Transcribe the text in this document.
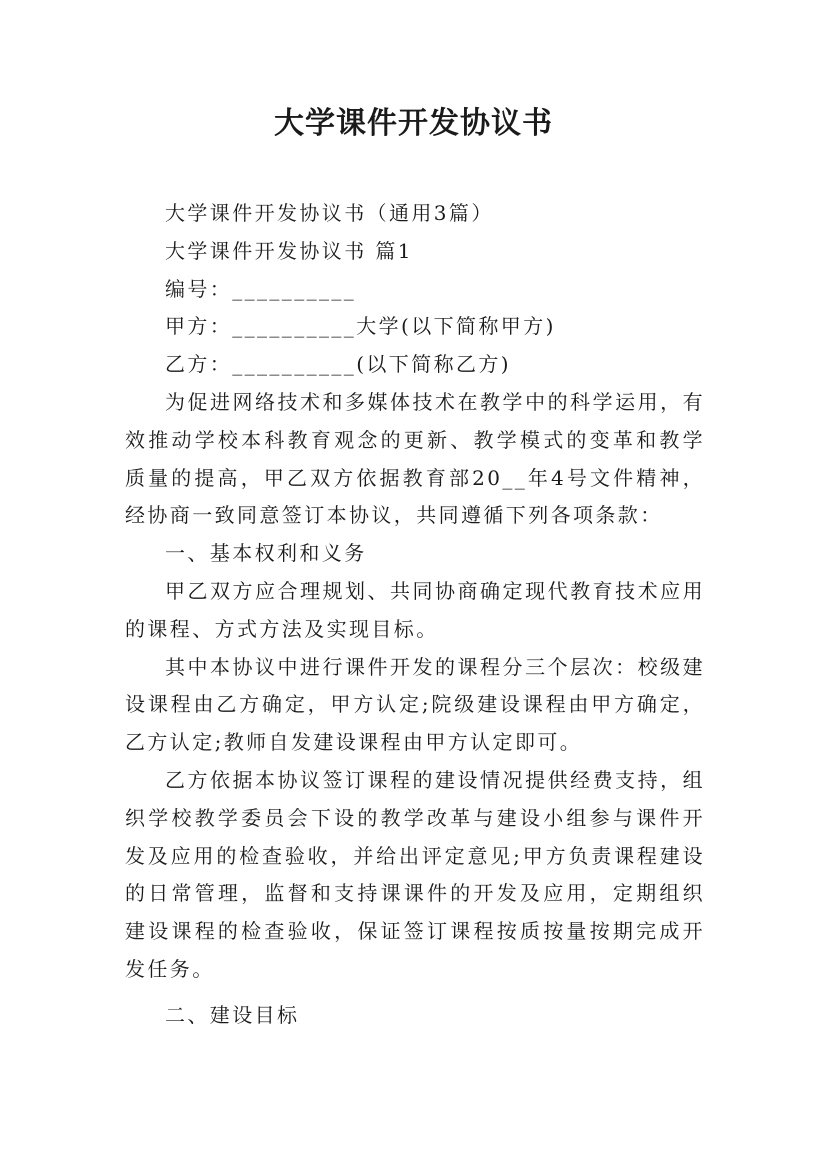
大学课件开发协议书

大学课件开发协议书（通用3篇）

大学课件开发协议书 篇1

编号：__________

甲方：__________大学(以下简称甲方)

乙方：__________(以下简称乙方)

为促进网络技术和多媒体技术在教学中的科学运用，有效推动学校本科教育观念的更新、教学模式的变革和教学质量的提高，甲乙双方依据教育部20__年4号文件精神，经协商一致同意签订本协议，共同遵循下列各项条款：

一、基本权利和义务

甲乙双方应合理规划、共同协商确定现代教育技术应用的课程、方式方法及实现目标。

其中本协议中进行课件开发的课程分三个层次：校级建设课程由乙方确定，甲方认定;院级建设课程由甲方确定，乙方认定;教师自发建设课程由甲方认定即可。

乙方依据本协议签订课程的建设情况提供经费支持，组织学校教学委员会下设的教学改革与建设小组参与课件开发及应用的检查验收，并给出评定意见;甲方负责课程建设的日常管理，监督和支持课课件的开发及应用，定期组织建设课程的检查验收，保证签订课程按质按量按期完成开发任务。

二、建设目标
